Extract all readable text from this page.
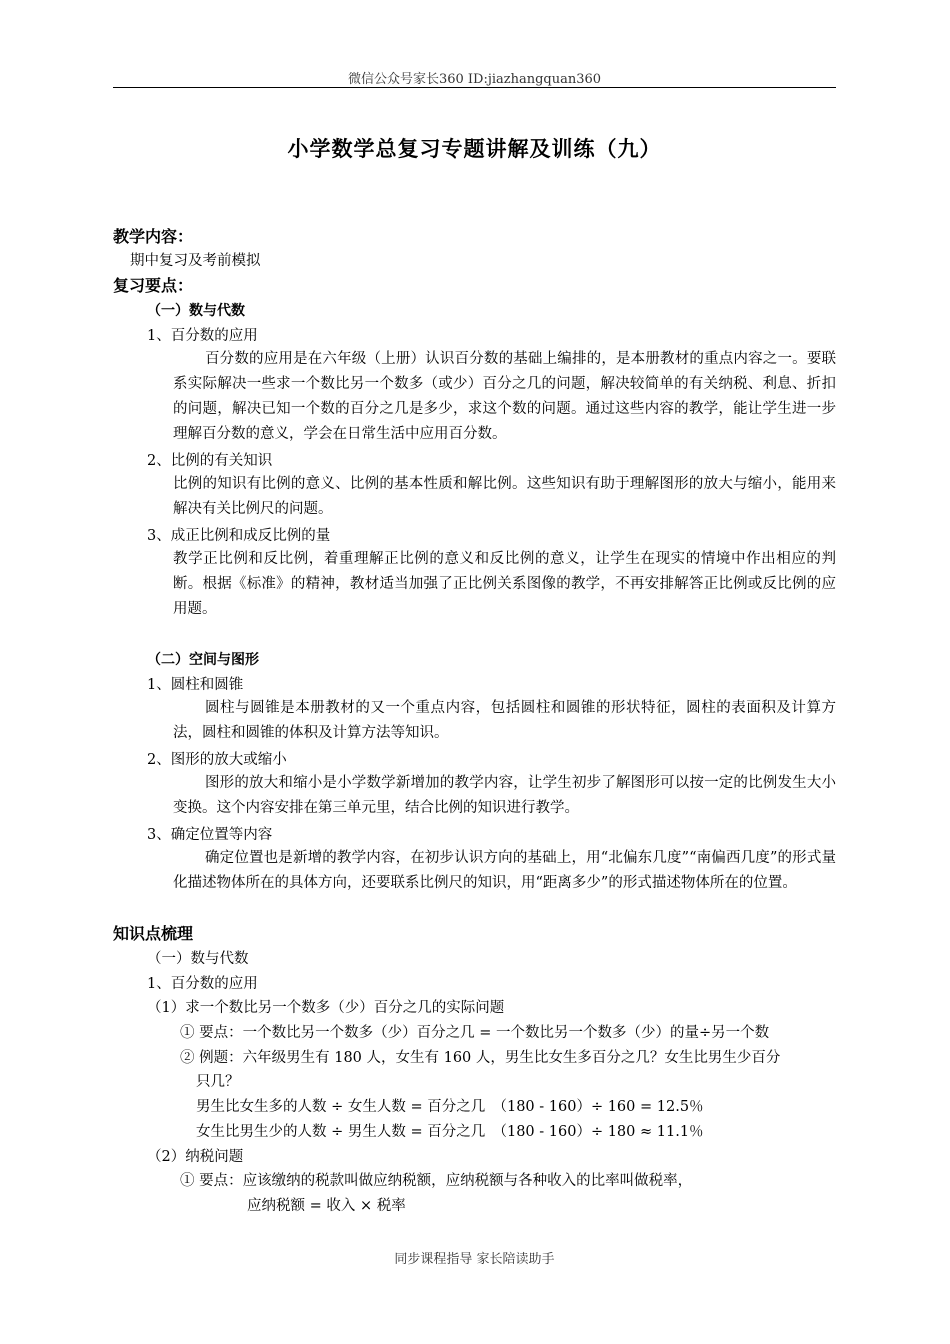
微信公众号家长360 ID:jiazhangquan360
小学数学总复习专题讲解及训练（九）
教学内容：
期中复习及考前模拟
复习要点：
（一）数与代数
1、百分数的应用
百分数的应用是在六年级（上册）认识百分数的基础上编排的，是本册教材的重点内容之一。要联系实际解决一些求一个数比另一个数多（或少）百分之几的问题，解决较简单的有关纳税、利息、折扣的问题，解决已知一个数的百分之几是多少，求这个数的问题。通过这些内容的教学，能让学生进一步理解百分数的意义，学会在日常生活中应用百分数。
2、比例的有关知识
比例的知识有比例的意义、比例的基本性质和解比例。这些知识有助于理解图形的放大与缩小，能用来解决有关比例尺的问题。
3、成正比例和成反比例的量
教学正比例和反比例，着重理解正比例的意义和反比例的意义，让学生在现实的情境中作出相应的判断。根据《标准》的精神，教材适当加强了正比例关系图像的教学，不再安排解答正比例或反比例的应用题。
（二）空间与图形
1、圆柱和圆锥
圆柱与圆锥是本册教材的又一个重点内容，包括圆柱和圆锥的形状特征，圆柱的表面积及计算方法，圆柱和圆锥的体积及计算方法等知识。
2、图形的放大或缩小
图形的放大和缩小是小学数学新增加的教学内容，让学生初步了解图形可以按一定的比例发生大小变换。这个内容安排在第三单元里，结合比例的知识进行教学。
3、确定位置等内容
确定位置也是新增的教学内容，在初步认识方向的基础上，用“北偏东几度”“南偏西几度”的形式量化描述物体所在的具体方向，还要联系比例尺的知识，用“距离多少”的形式描述物体所在的位置。
知识点梳理
（一）数与代数
1、百分数的应用
（1）求一个数比另一个数多（少）百分之几的实际问题
① 要点：一个数比另一个数多（少）百分之几 = 一个数比另一个数多（少）的量÷另一个数
② 例题：六年级男生有 180 人，女生有 160 人，男生比女生多百分之几？女生比男生少百分
只几？
男生比女生多的人数 ÷ 女生人数 = 百分之几　（180 - 160）÷ 160 = 12.5％
女生比男生少的人数 ÷ 男生人数 = 百分之几　（180 - 160）÷ 180 ≈ 11.1％
（2）纳税问题
① 要点：应该缴纳的税款叫做应纳税额，应纳税额与各种收入的比率叫做税率，
应纳税额 = 收入 × 税率
同步课程指导 家长陪读助手
